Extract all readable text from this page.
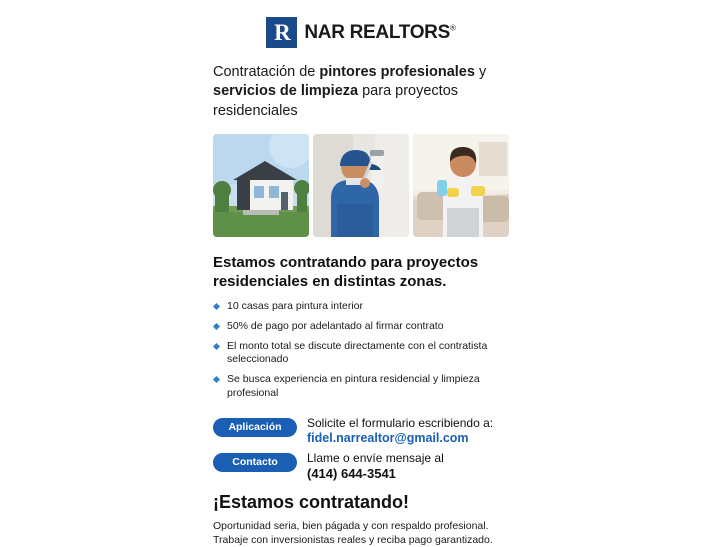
R NAR REALTORS®
Contratación de pintores profesionales y servicios de limpieza para proyectos residenciales
Estamos contratando para proyectos residenciales en distintas zonas.
10 casas para pintura interior
50% de pago por adelantado al firmar contrato
El monto total se discute directamente con el contratista seleccionado
Se busca experiencia en pintura residencial y limpieza profesional
Aplicación	Solicite el formulario escribiendo a:
fidel.narrealtor@gmail.com
Contacto	Llame o envíe mensaje al
(414) 644-3541
¡Estamos contratando!
Oportunidad seria, bien págada y con respaldo profesional.
Trabaje con inversionistas reales y reciba pago garantizado.
